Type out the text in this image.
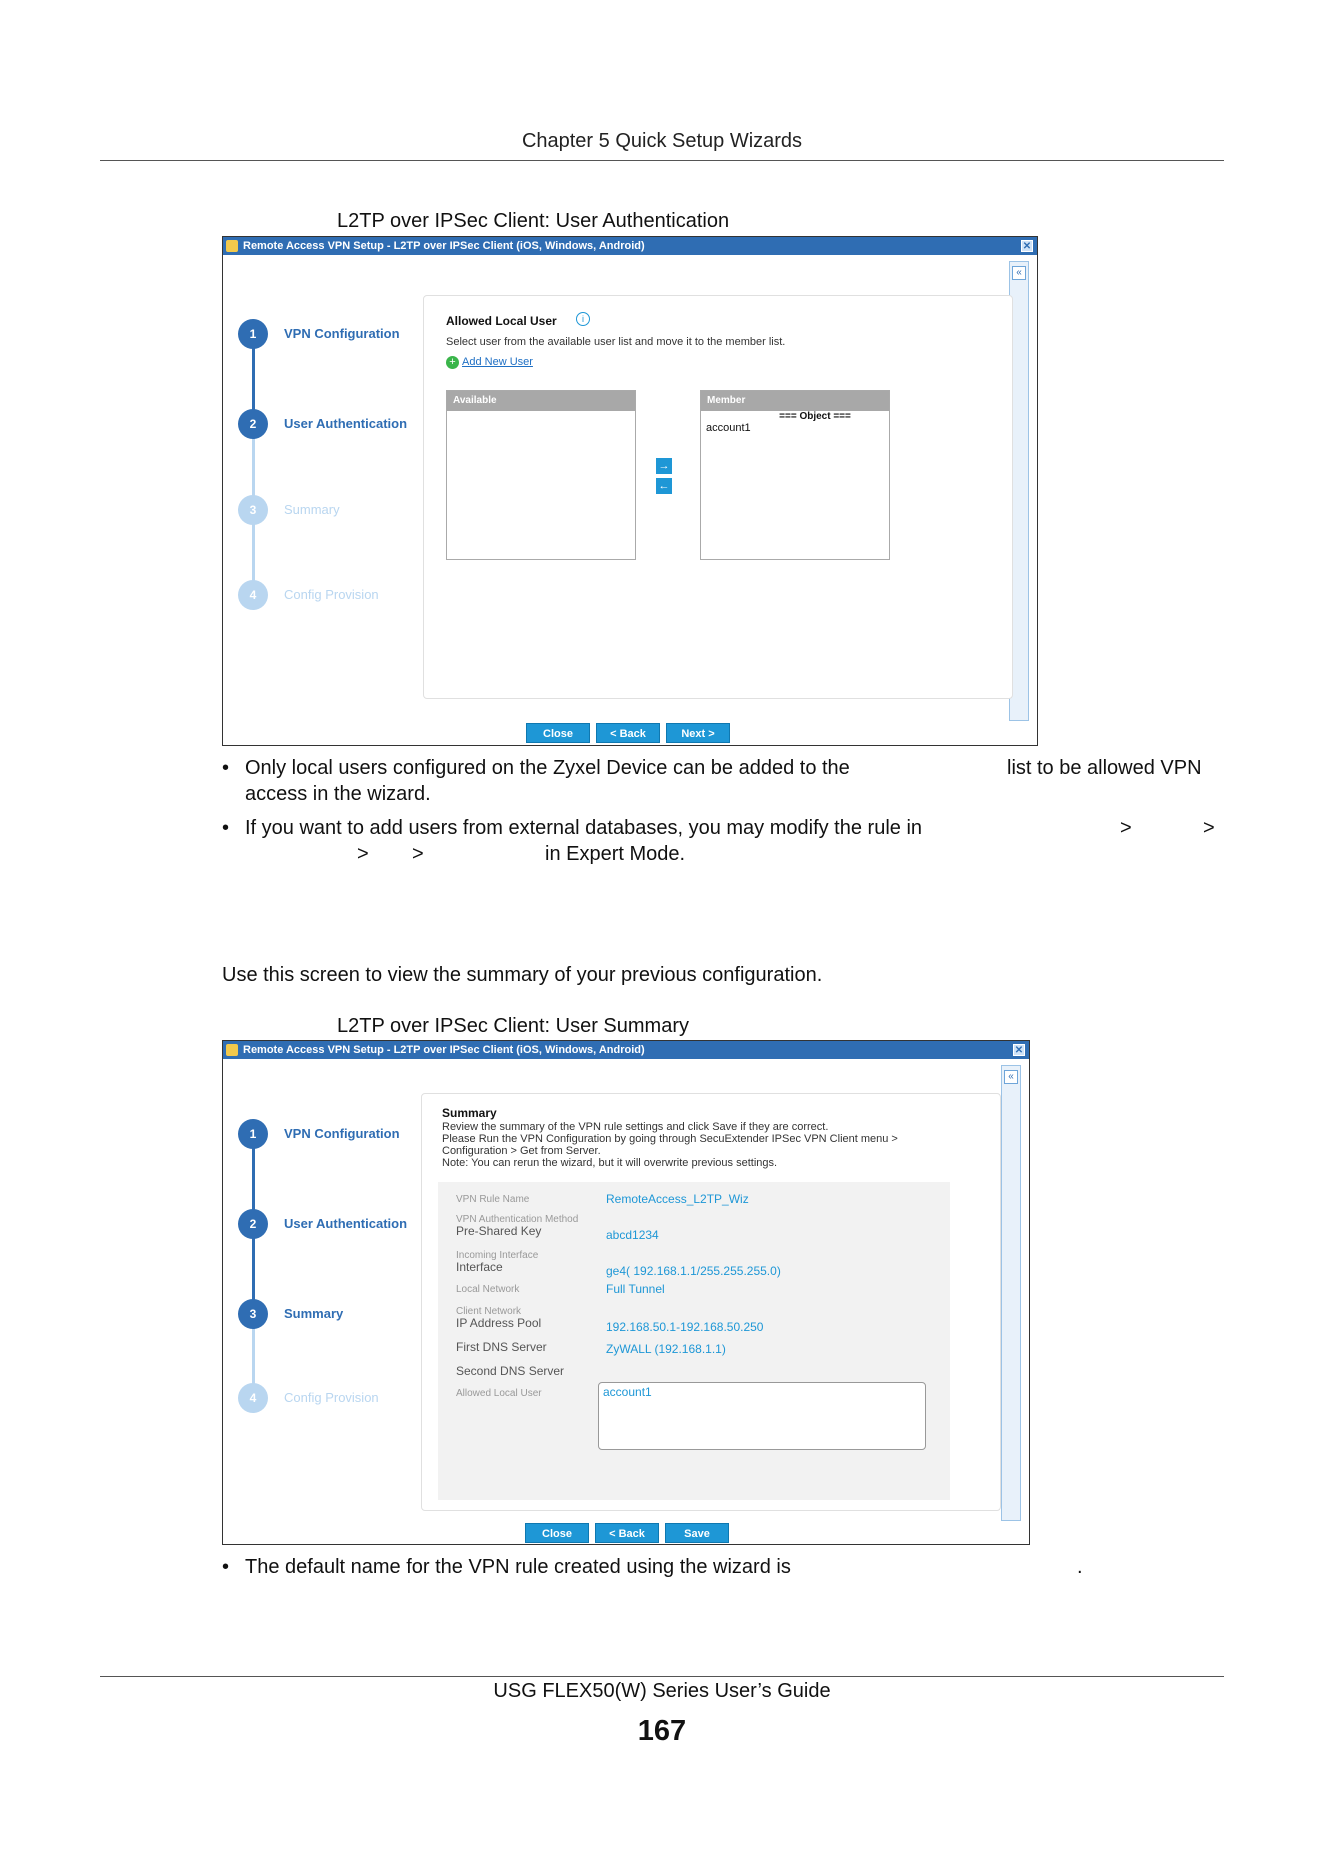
Chapter 5 Quick Setup Wizards
L2TP over IPSec Client: User Authentication
Remote Access VPN Setup - L2TP over IPSec Client (iOS, Windows, Android)	✕
«
1	VPN Configuration
2	User Authentication
3	Summary
4	Config Provision
Allowed Local User	i
Select user from the available user list and move it to the member list.
+ Add New User
Available
→
←
Member
=== Object ===
account1
Close	< Back	Next >
• Only local users configured on the Zyxel Device can be added to the	list to be allowed VPN
access in the wizard.
• If you want to add users from external databases, you may modify the rule in	>	>
> >	in Expert Mode.
Use this screen to view the summary of your previous configuration.
L2TP over IPSec Client: User Summary
Remote Access VPN Setup - L2TP over IPSec Client (iOS, Windows, Android)	✕
«
1	VPN Configuration
2	User Authentication
3	Summary
4	Config Provision
Summary
Review the summary of the VPN rule settings and click Save if they are correct.
Please Run the VPN Configuration by going through SecuExtender IPSec VPN Client menu >
Configuration > Get from Server.
Note: You can rerun the wizard, but it will overwrite previous settings.
VPN Rule Name	RemoteAccess_L2TP_Wiz
VPN Authentication Method
Pre-Shared Key	abcd1234
Incoming Interface
Interface	ge4( 192.168.1.1/255.255.255.0)
Local Network	Full Tunnel
Client Network
IP Address Pool	192.168.50.1-192.168.50.250
First DNS Server	ZyWALL (192.168.1.1)
Second DNS Server
Allowed Local User	account1
Close	< Back	Save
• The default name for the VPN rule created using the wizard is	.
USG FLEX50(W) Series User’s Guide
167
